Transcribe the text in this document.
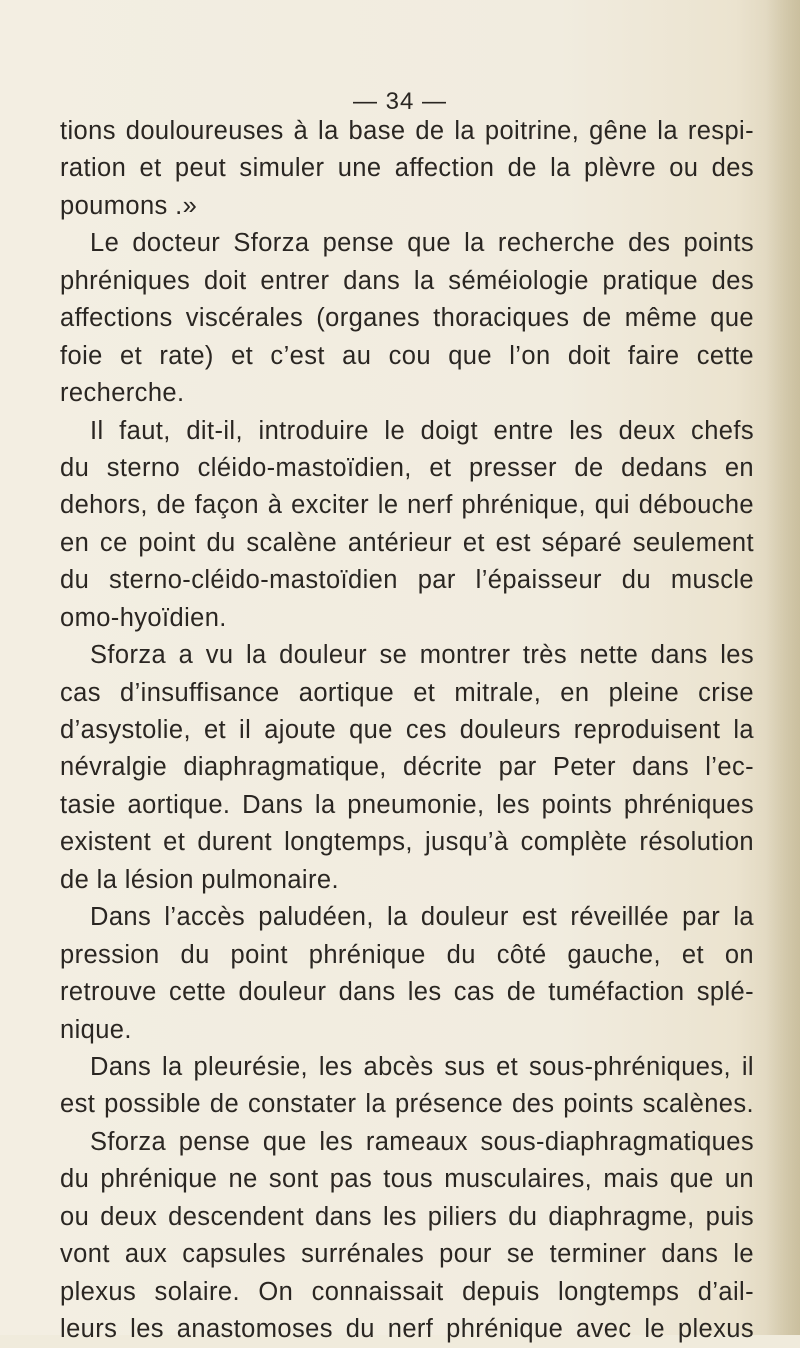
— 34 —
tions douloureuses à la base de la poitrine, gêne la respi-
ration et peut simuler une affection de la plèvre ou des
poumons .»
Le docteur Sforza pense que la recherche des points
phréniques doit entrer dans la séméiologie pratique des
affections viscérales (organes thoraciques de même que
foie et rate) et c’est au cou que l’on doit faire cette
recherche.
Il faut, dit-il, introduire le doigt entre les deux chefs
du sterno cléido-mastoïdien, et presser de dedans en
dehors, de façon à exciter le nerf phrénique, qui débouche
en ce point du scalène antérieur et est séparé seulement
du sterno-cléido-mastoïdien par l’épaisseur du muscle
omo-hyoïdien.
Sforza a vu la douleur se montrer très nette dans les
cas d’insuffisance aortique et mitrale, en pleine crise
d’asystolie, et il ajoute que ces douleurs reproduisent la
névralgie diaphragmatique, décrite par Peter dans l’ec-
tasie aortique. Dans la pneumonie, les points phréniques
existent et durent longtemps, jusqu’à complète résolution
de la lésion pulmonaire.
Dans l’accès paludéen, la douleur est réveillée par la
pression du point phrénique du côté gauche, et on
retrouve cette douleur dans les cas de tuméfaction splé-
nique.
Dans la pleurésie, les abcès sus et sous-phréniques, il
est possible de constater la présence des points scalènes.
Sforza pense que les rameaux sous-diaphragmatiques
du phrénique ne sont pas tous musculaires, mais que un
ou deux descendent dans les piliers du diaphragme, puis
vont aux capsules surrénales pour se terminer dans le
plexus solaire. On connaissait depuis longtemps d’ail-
leurs les anastomoses du nerf phrénique avec le plexus
